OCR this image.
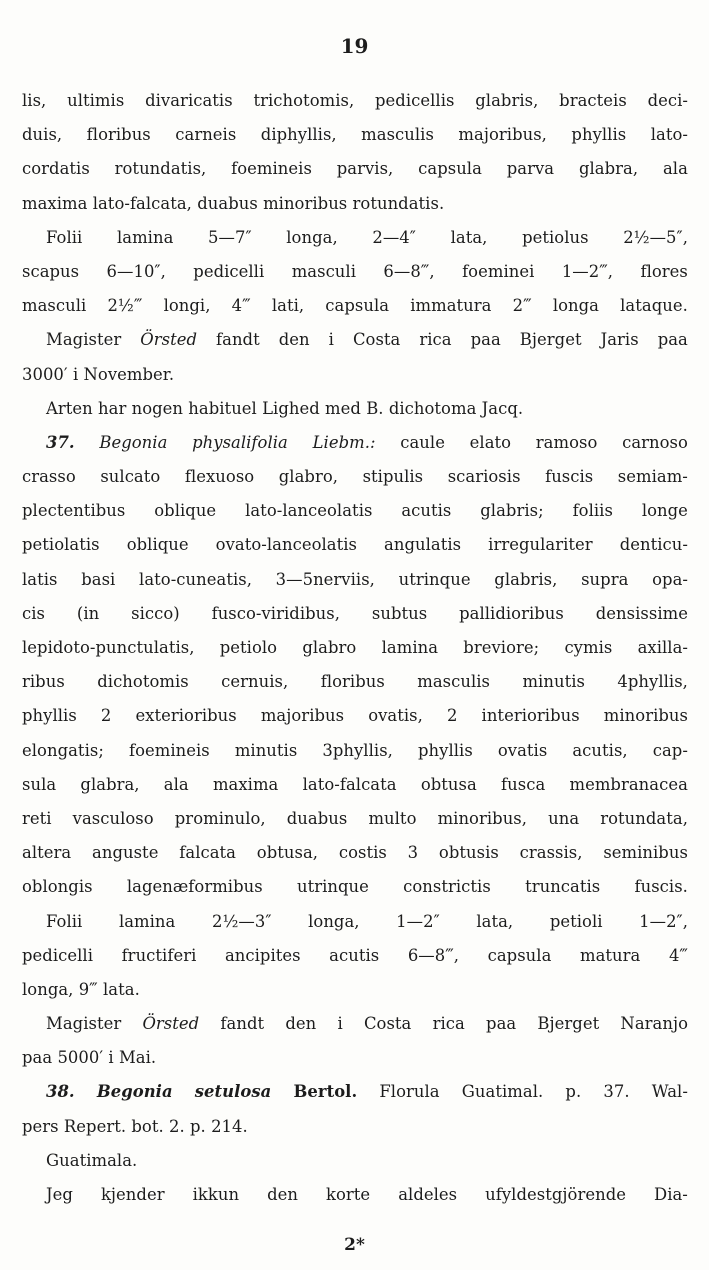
19
lis, ultimis divaricatis trichotomis, pedicellis glabris, bracteis deci-
duis, floribus carneis diphyllis, masculis majoribus, phyllis lato-
cordatis rotundatis, foemineis parvis, capsula parva glabra, ala
maxima lato-falcata, duabus minoribus rotundatis.
Folii lamina 5—7″ longa, 2—4″ lata, petiolus 2½—5″,
scapus 6—10″, pedicelli masculi 6—8‴, foeminei 1—2‴, flores
masculi 2½‴ longi, 4‴ lati, capsula immatura 2‴ longa lataque.
Magister Örsted fandt den i Costa rica paa Bjerget Jaris paa
3000′ i November.
Arten har nogen habituel Lighed med B. dichotoma Jacq.
37. Begonia physalifolia Liebm.: caule elato ramoso carnoso
crasso sulcato flexuoso glabro, stipulis scariosis fuscis semiam-
plectentibus oblique lato-lanceolatis acutis glabris; foliis longe
petiolatis oblique ovato-lanceolatis angulatis irregulariter denticu-
latis basi lato-cuneatis, 3—5nerviis, utrinque glabris, supra opa-
cis (in sicco) fusco-viridibus, subtus pallidioribus densissime
lepidoto-punctulatis, petiolo glabro lamina breviore; cymis axilla-
ribus dichotomis cernuis, floribus masculis minutis 4phyllis,
phyllis 2 exterioribus majoribus ovatis, 2 interioribus minoribus
elongatis; foemineis minutis 3phyllis, phyllis ovatis acutis, cap-
sula glabra, ala maxima lato-falcata obtusa fusca membranacea
reti vasculoso prominulo, duabus multo minoribus, una rotundata,
altera anguste falcata obtusa, costis 3 obtusis crassis, seminibus
oblongis lagenæformibus utrinque constrictis truncatis fuscis.
Folii lamina 2½—3″ longa, 1—2″ lata, petioli 1—2″,
pedicelli fructiferi ancipites acutis 6—8‴, capsula matura 4‴
longa, 9‴ lata.
Magister Örsted fandt den i Costa rica paa Bjerget Naranjo
paa 5000′ i Mai.
38. Begonia setulosa Bertol. Florula Guatimal. p. 37. Wal-
pers Repert. bot. 2. p. 214.
Guatimala.
Jeg kjender ikkun den korte aldeles ufyldestgjörende Dia-
2*
